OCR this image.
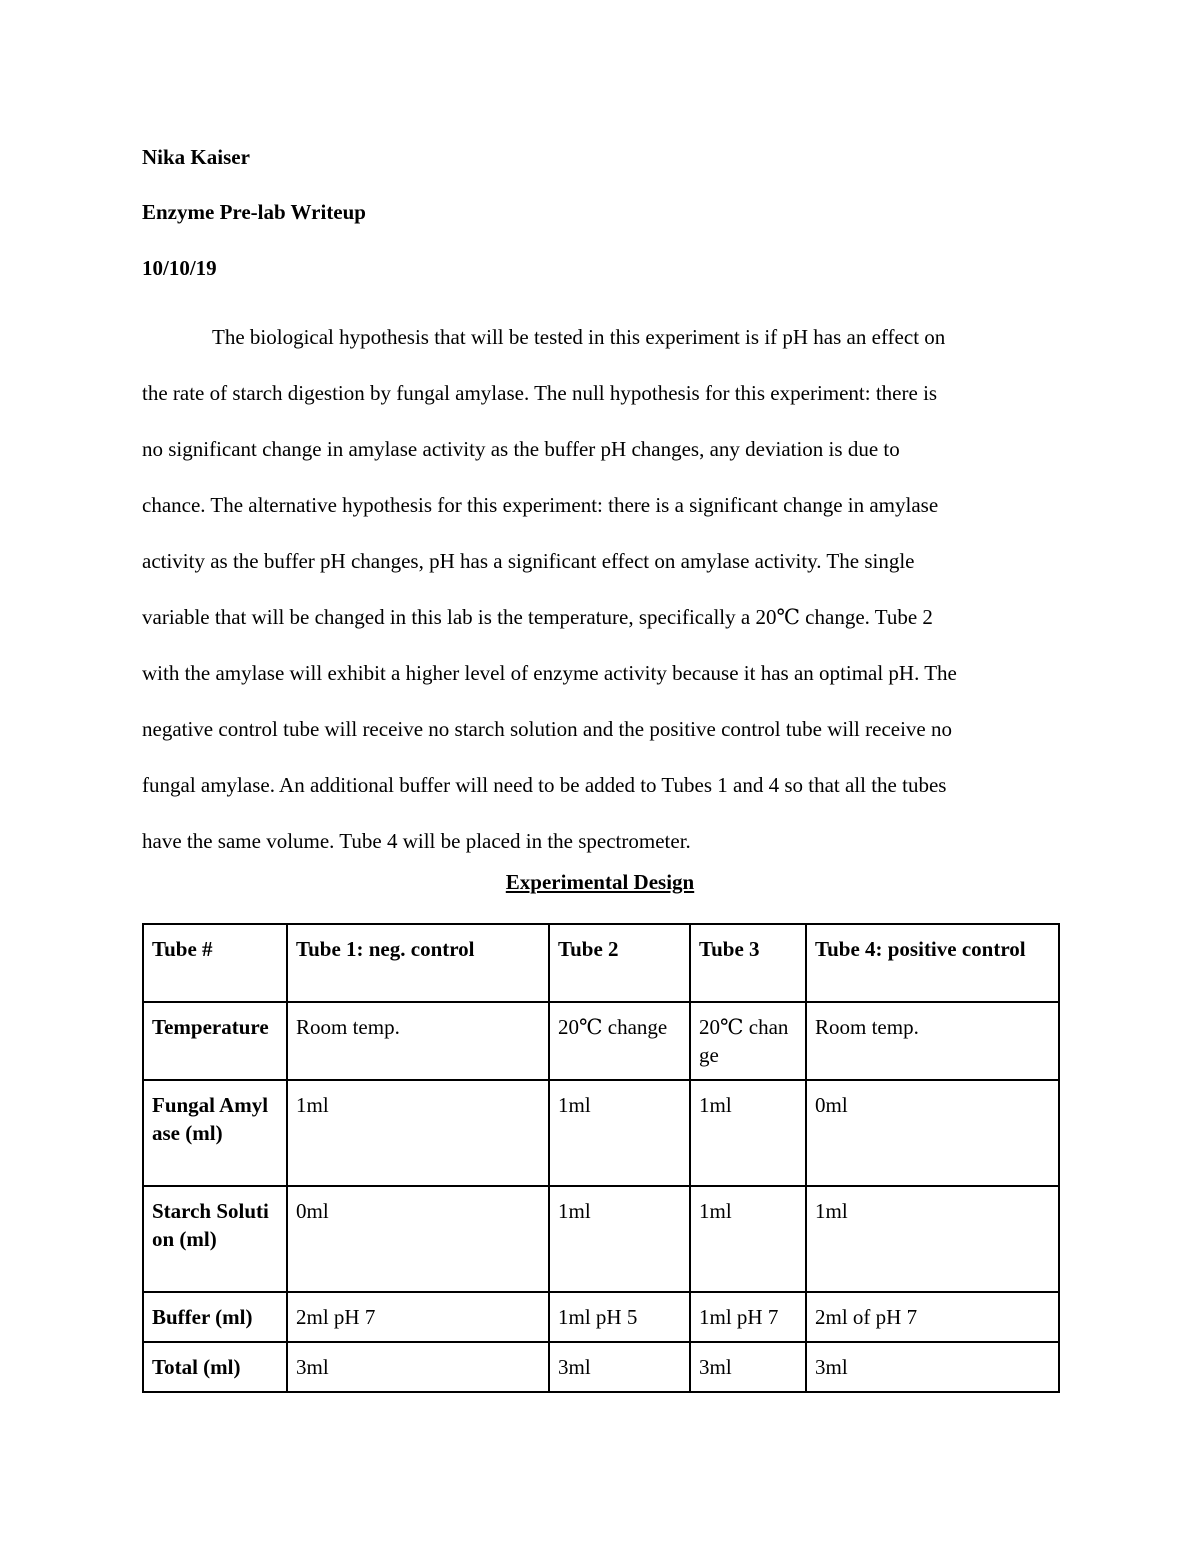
Nika Kaiser

Enzyme Pre-lab Writeup

10/10/19

The biological hypothesis that will be tested in this experiment is if pH has an effect on
the rate of starch digestion by fungal amylase. The null hypothesis for this experiment: there is
no significant change in amylase activity as the buffer pH changes, any deviation is due to
chance. The alternative hypothesis for this experiment: there is a significant change in amylase
activity as the buffer pH changes, pH has a significant effect on amylase activity. The single
variable that will be changed in this lab is the temperature, specifically a 20℃ change. Tube 2
with the amylase will exhibit a higher level of enzyme activity because it has an optimal pH. The
negative control tube will receive no starch solution and the positive control tube will receive no
fungal amylase. An additional buffer will need to be added to Tubes 1 and 4 so that all the tubes
have the same volume. Tube 4 will be placed in the spectrometer.

Experimental Design

Tube #	Tube 1: neg. control	Tube 2	Tube 3	Tube 4: positive control
Temperature	Room temp.	20℃ change	20℃ change	Room temp.
Fungal Amylase (ml)	1ml	1ml	1ml	0ml
Starch Solution (ml)	0ml	1ml	1ml	1ml
Buffer (ml)	2ml pH 7	1ml pH 5	1ml pH 7	2ml of pH 7
Total (ml)	3ml	3ml	3ml	3ml
